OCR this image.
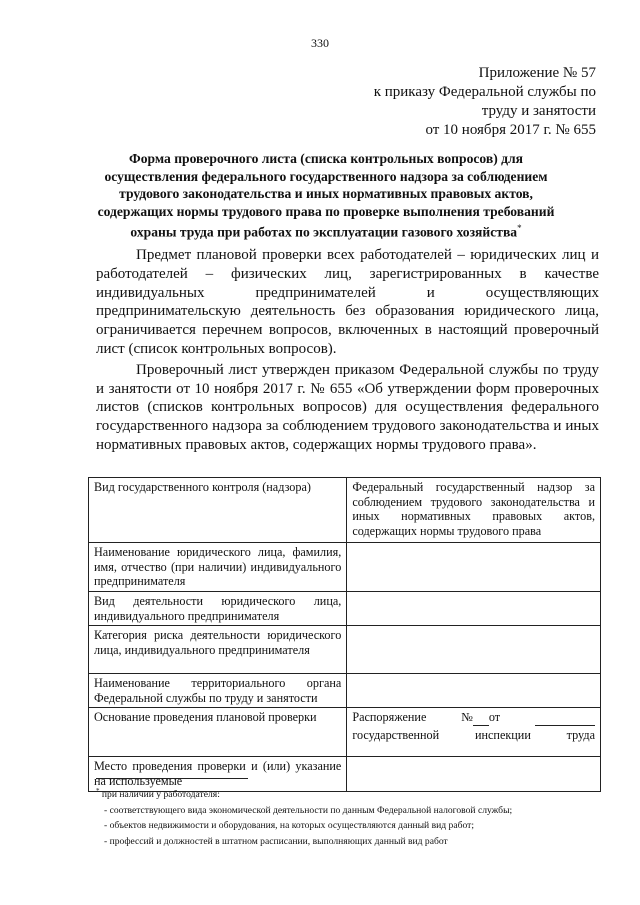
330
Приложение № 57
к приказу Федеральной службы по
труду и занятости
от 10 ноября 2017 г. № 655
Форма проверочного листа (списка контрольных вопросов) для осуществления федерального государственного надзора за соблюдением трудового законодательства и иных нормативных правовых актов, содержащих нормы трудового права по проверке выполнения требований охраны труда при работах по эксплуатации газового хозяйства*

Предмет плановой проверки всех работодателей – юридических лиц и работодателей – физических лиц, зарегистрированных в качестве индивидуальных предпринимателей и осуществляющих предпринимательскую деятельность без образования юридического лица, ограничивается перечнем вопросов, включенных в настоящий проверочный лист (список контрольных вопросов).

Проверочный лист утвержден приказом Федеральной службы по труду и занятости от 10 ноября 2017 г. № 655 «Об утверждении форм проверочных листов (списков контрольных вопросов) для осуществления федерального государственного надзора за соблюдением трудового законодательства и иных нормативных правовых актов, содержащих нормы трудового права».

Вид государственного контроля (надзора)	Федеральный государственный надзор за соблюдением трудового законодательства и иных нормативных правовых актов, содержащих нормы трудового права
Наименование юридического лица, фамилия, имя, отчество (при наличии) индивидуального предпринимателя	
Вид деятельности юридического лица, индивидуального предпринимателя	
Категория риска деятельности юридического лица, индивидуального предпринимателя	
Наименование территориального органа Федеральной службы по труду и занятости	
Основание проведения плановой проверки	Распоряжение № от

государственной инспекции труда

Место проведения проверки и (или) указание на используемые	
* при наличии у работодателя:
- соответствующего вида экономической деятельности по данным Федеральной налоговой службы;
- объектов недвижимости и оборудования, на которых осуществляются данный вид работ;
- профессий и должностей в штатном расписании, выполняющих данный вид работ
